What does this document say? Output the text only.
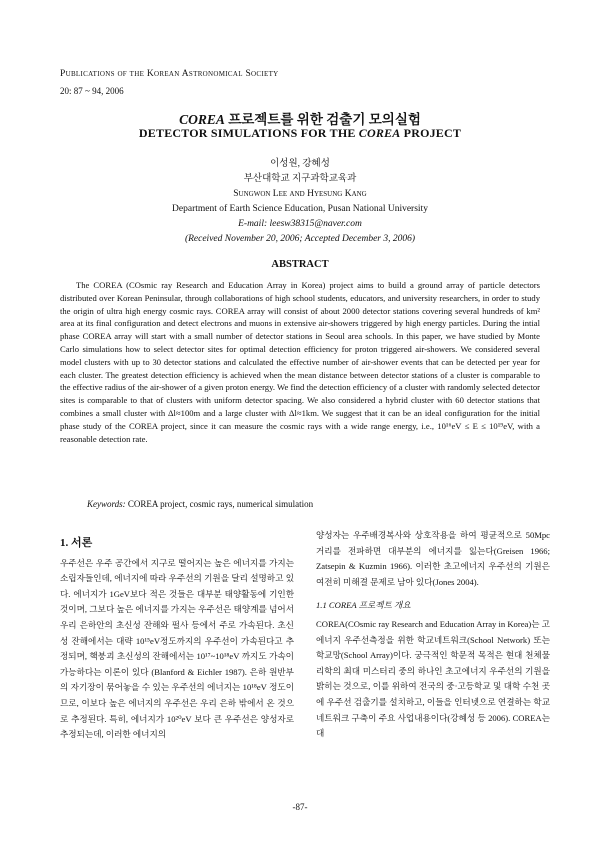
Publications of the Korean Astronomical Society
20: 87 ~ 94, 2006
COREA 프로젝트를 위한 검출기 모의실험
DETECTOR SIMULATIONS FOR THE COREA PROJECT
이성원, 강혜성
부산대학교 지구과학교육과
Sungwon Lee and Hyesung Kang
Department of Earth Science Education, Pusan National University
E-mail: leesw38315@naver.com
(Received November 20, 2006; Accepted December 3, 2006)
ABSTRACT

The COREA (COsmic ray Research and Education Array in Korea) project aims to build a ground array of particle detectors distributed over Korean Peninsular, through collaborations of high school students, educators, and university researchers, in order to study the origin of ultra high energy cosmic rays. COREA array will consist of about 2000 detector stations covering several hundreds of km² area at its final configuration and detect electrons and muons in extensive air-showers triggered by high energy particles. During the intial phase COREA array will start with a small number of detector stations in Seoul area schools. In this paper, we have studied by Monte Carlo simulations how to select detector sites for optimal detection efficiency for proton triggered air-showers. We considered several model clusters with up to 30 detector stations and calculated the effective number of air-shower events that can be detected per year for each cluster. The greatest detection efficiency is achieved when the mean distance between detector stations of a cluster is comparable to the effective radius of the air-shower of a given proton energy. We find the detection efficiency of a cluster with randomly selected detector sites is comparable to that of clusters with uniform detector spacing. We also considered a hybrid cluster with 60 detector stations that combines a small cluster with Δl≈100m and a large cluster with Δl≈1km. We suggest that it can be an ideal configuration for the initial phase study of the COREA project, since it can measure the cosmic rays with a wide range energy, i.e., 10¹⁶eV ≤ E ≤ 10¹⁹eV, with a reasonable detection rate.

Keywords: COREA project, cosmic rays, numerical simulation
1. 서론

우주선은 우주 공간에서 지구로 떨어지는 높은 에너지를 가지는 소립자들인데, 에너지에 따라 우주선의 기원을 달리 설명하고 있다. 에너지가 1GeV보다 적은 것들은 대부분 태양활동에 기인한 것이며, 그보다 높은 에너지를 가지는 우주선은 태양계를 넘어서 우리 은하안의 초신성 잔해와 펄사 등에서 주로 가속된다. 초신성 잔해에서는 대략 10¹⁵eV정도까지의 우주선이 가속된다고 추정되며, 핵붕괴 초신성의 잔해에서는 10¹⁷~10¹⁸eV 까지도 가속이 가능하다는 이론이 있다 (Blanford & Eichler 1987). 은하 원반부의 자기장이 묶어놓을 수 있는 우주선의 에너지는 10¹⁸eV 정도이므로, 이보다 높은 에너지의 우주선은 우리 은하 밖에서 온 것으로 추정된다. 특히, 에너지가 10²⁰eV 보다 큰 우주선은 양성자로 추정되는데, 이러한 에너지의

양성자는 우주배경복사와 상호작용을 하여 평균적으로 50Mpc거리를 전파하면 대부분의 에너지를 잃는다(Greisen 1966; Zatsepin & Kuzmin 1966). 이러한 초고에너지 우주선의 기원은 여전히 미해결 문제로 남아 있다(Jones 2004).

1.1 COREA 프로젝트 개요

COREA(COsmic ray Research and Education Array in Korea)는 고에너지 우주선측정을 위한 학교네트워크(School Network) 또는 학교망(School Array)이다. 궁극적인 학문적 목적은 현대 천체물리학의 최대 미스터리 중의 하나인 초고에너지 우주선의 기원을 밝히는 것으로, 이를 위하여 전국의 중·고등학교 및 대학 수천 곳에 우주선 검출기를 설치하고, 이들을 인터넷으로 연결하는 학교 네트워크 구축이 주요 사업내용이다(강혜성 등 2006). COREA는 대

-87-
